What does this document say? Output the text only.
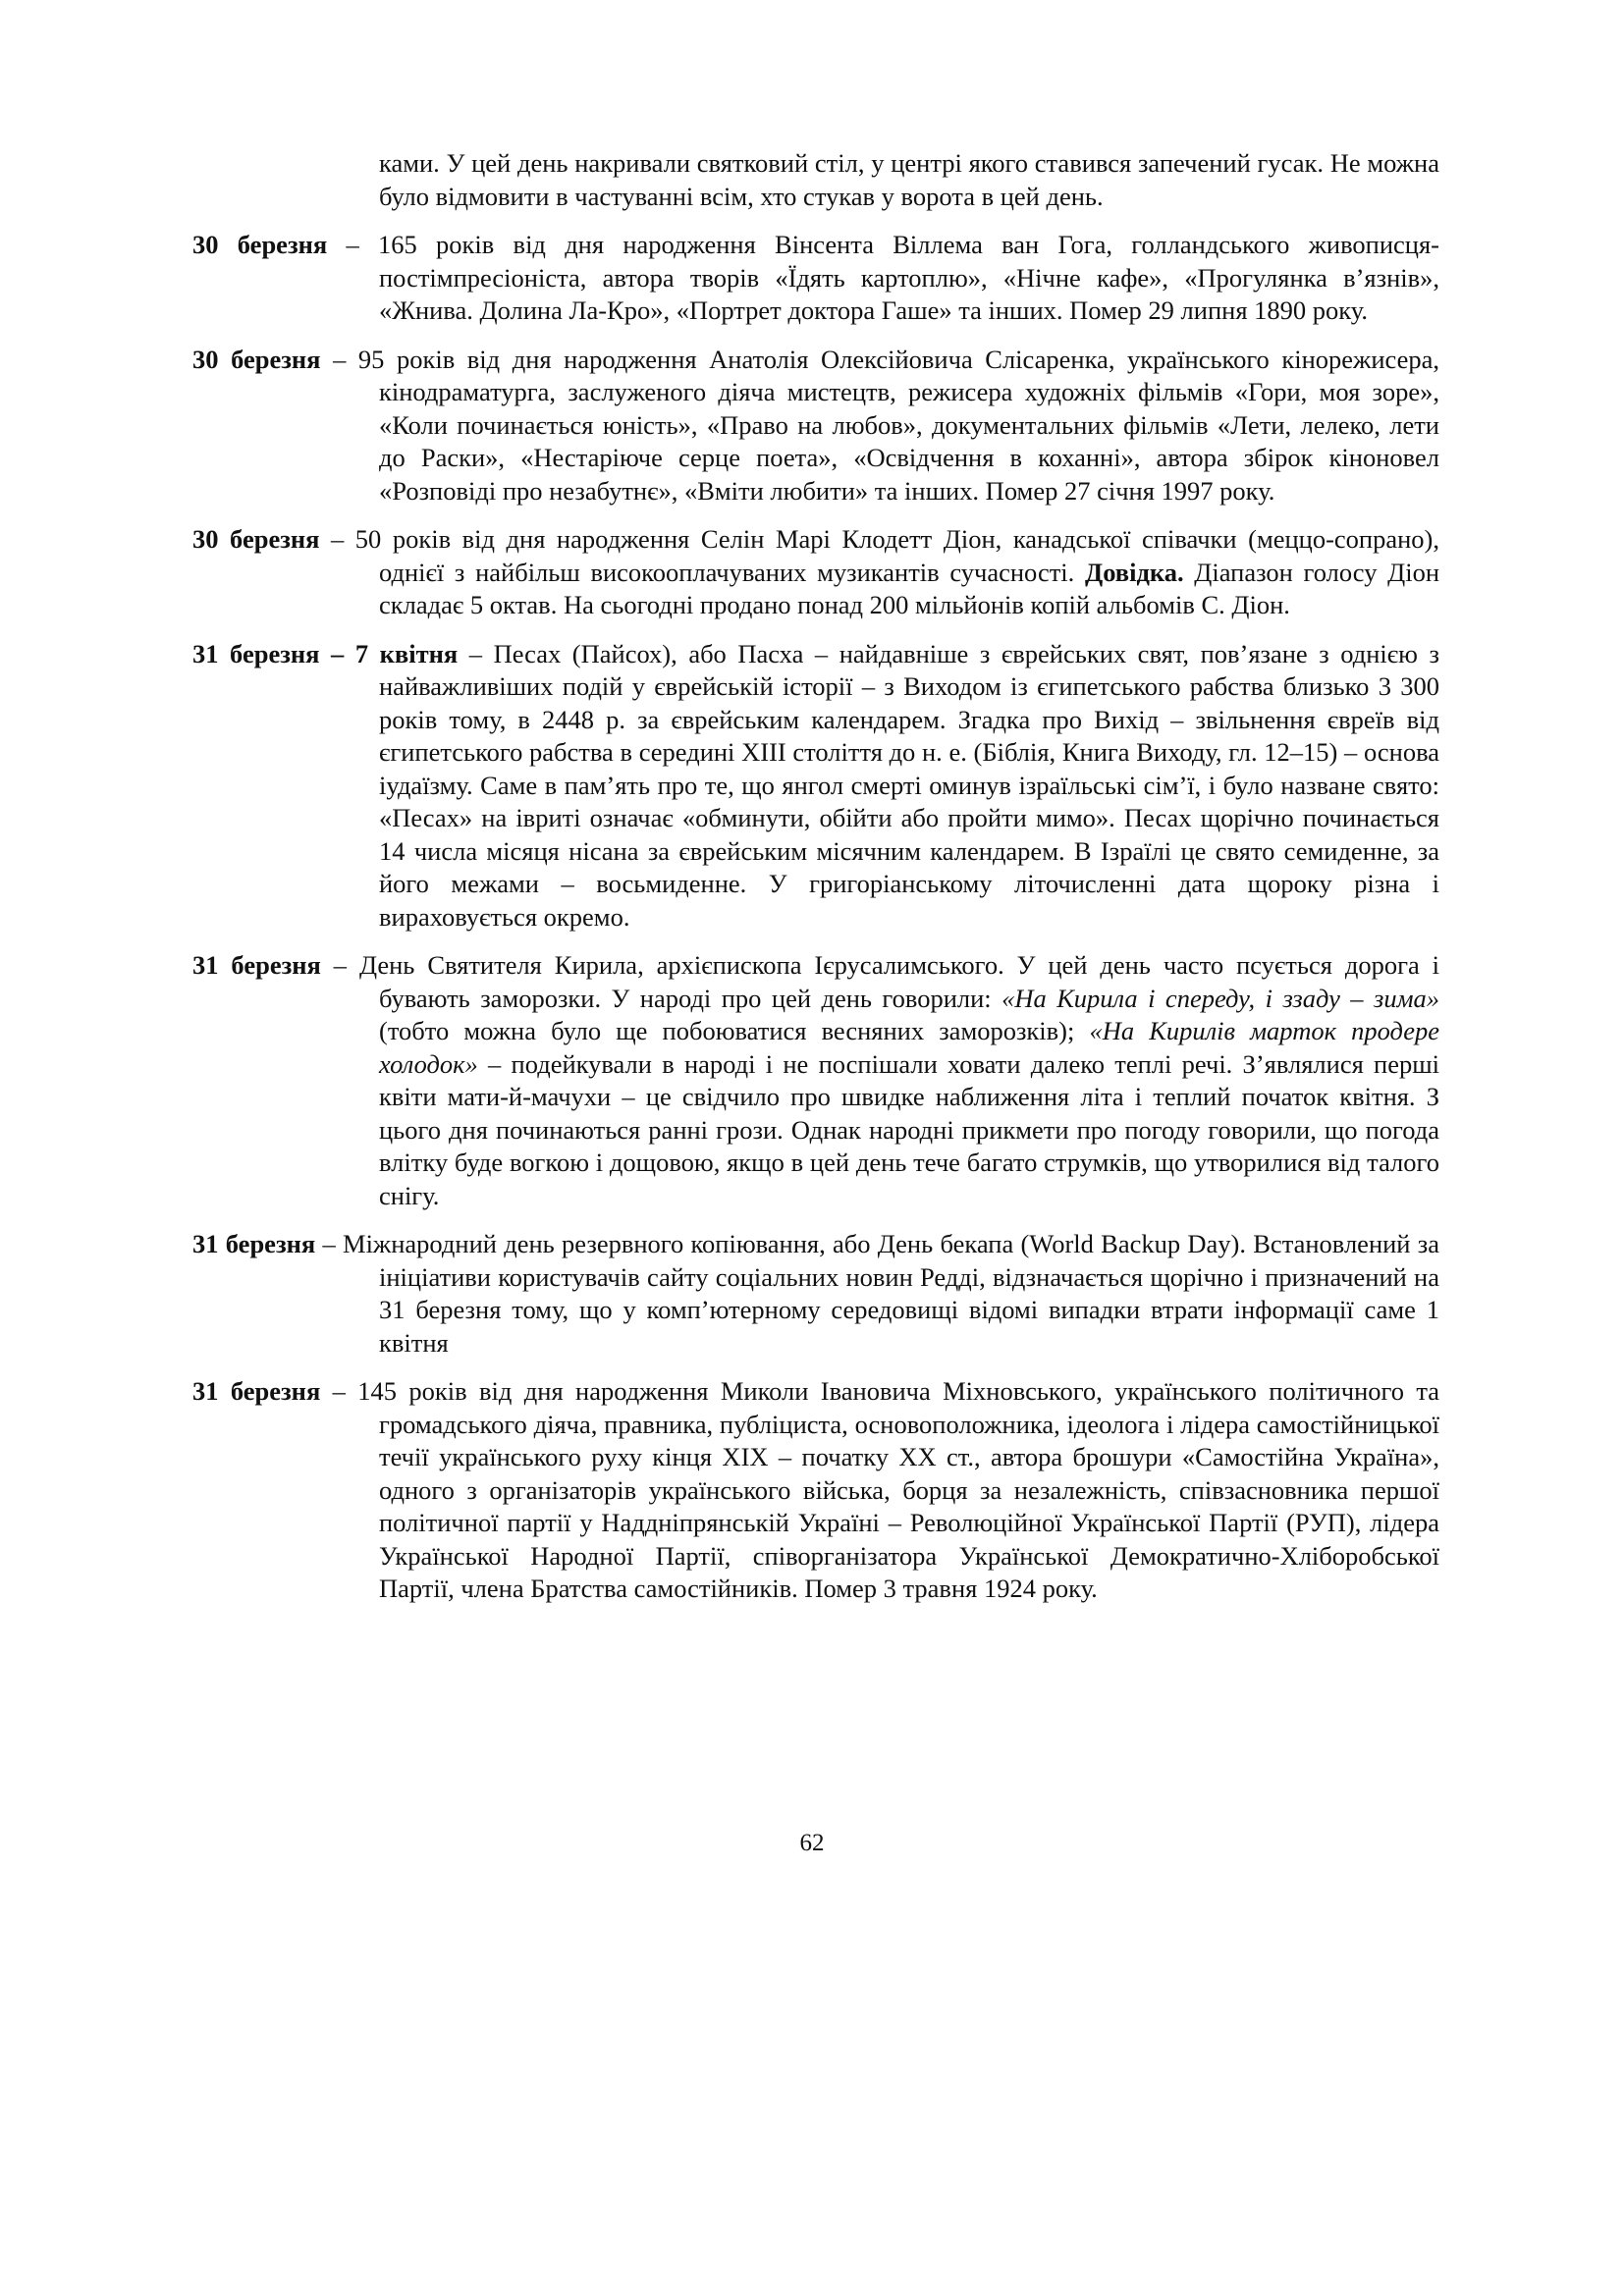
ками. У цей день накривали святковий стіл, у центрі якого ставився запечений гусак. Не можна було відмовити в частуванні всім, хто стукав у ворота в цей день.

30 березня – 165 років від дня народження Вінсента Віллема ван Гога, голландського живописця-постімпресіоніста, автора творів «Їдять картоплю», «Нічне кафе», «Прогулянка в’язнів», «Жнива. Долина Ла-Кро», «Портрет доктора Гаше» та інших. Помер 29 липня 1890 року.

30 березня – 95 років від дня народження Анатолія Олексійовича Слісаренка, українського кінорежисера, кінодраматурга, заслуженого діяча мистецтв, режисера художніх фільмів «Гори, моя зоре», «Коли починається юність», «Право на любов», документальних фільмів «Лети, лелеко, лети до Раски», «Нестаріюче серце поета», «Освідчення в коханні», автора збірок кіноновел «Розповіді про незабутнє», «Вміти любити» та інших. Помер 27 січня 1997 року.

30 березня – 50 років від дня народження Селін Марі Клодетт Діон, канадської співачки (меццо-сопрано), однієї з найбільш високооплачуваних музикантів сучасності. Довідка. Діапазон голосу Діон складає 5 октав. На сьогодні продано понад 200 мільйонів копій альбомів С. Діон.

31 березня – 7 квітня – Песах (Пайсох), або Пасха – найдавніше з єврейських свят, пов’язане з однією з найважливіших подій у єврейській історії – з Виходом із єгипетського рабства близько 3 300 років тому, в 2448 р. за єврейським календарем. Згадка про Вихід – звільнення євреїв від єгипетського рабства в середині XIII століття до н. е. (Біблія, Книга Виходу, гл. 12–15) – основа іудаїзму. Саме в пам’ять про те, що янгол смерті оминув ізраїльські сім’ї, і було назване свято: «Песах» на івриті означає «обминути, обійти або пройти мимо». Песах щорічно починається 14 числа місяця нісана за єврейським місячним календарем. В Ізраїлі це свято семиденне, за його межами – восьмиденне. У григоріанському літочисленні дата щороку різна і вираховується окремо.

31 березня – День Святителя Кирила, архієпископа Ієрусалимського. У цей день часто псується дорога і бувають заморозки. У народі про цей день говорили: «На Кирила і спереду, і ззаду – зима» (тобто можна було ще побоюватися весняних заморозків); «На Кирилів марток продере холодок» – подейкували в народі і не поспішали ховати далеко теплі речі. З’являлися перші квіти мати-й-мачухи – це свідчило про швидке наближення літа і теплий початок квітня. З цього дня починаються ранні грози. Однак народні прикмети про погоду говорили, що погода влітку буде вогкою і дощовою, якщо в цей день тече багато струмків, що утворилися від талого снігу.

31 березня – Міжнародний день резервного копіювання, або День бекапа (World Backup Day). Встановлений за ініціативи користувачів сайту соціальних новин Редді, відзначається щорічно і призначений на 31 березня тому, що у комп’ютерному середовищі відомі випадки втрати інформації саме 1 квітня

31 березня – 145 років від дня народження Миколи Івановича Міхновського, українського політичного та громадського діяча, правника, публіциста, основоположника, ідеолога і лідера самостійницької течії українського руху кінця XIX – початку XX ст., автора брошури «Самостійна Україна», одного з організаторів українського війська, борця за незалежність, співзасновника першої політичної партії у Наддніпрянській Україні – Революційної Української Партії (РУП), лідера Української Народної Партії, співорганізатора Української Демократично-Хліборобської Партії, члена Братства самостійників. Помер 3 травня 1924 року.

62
